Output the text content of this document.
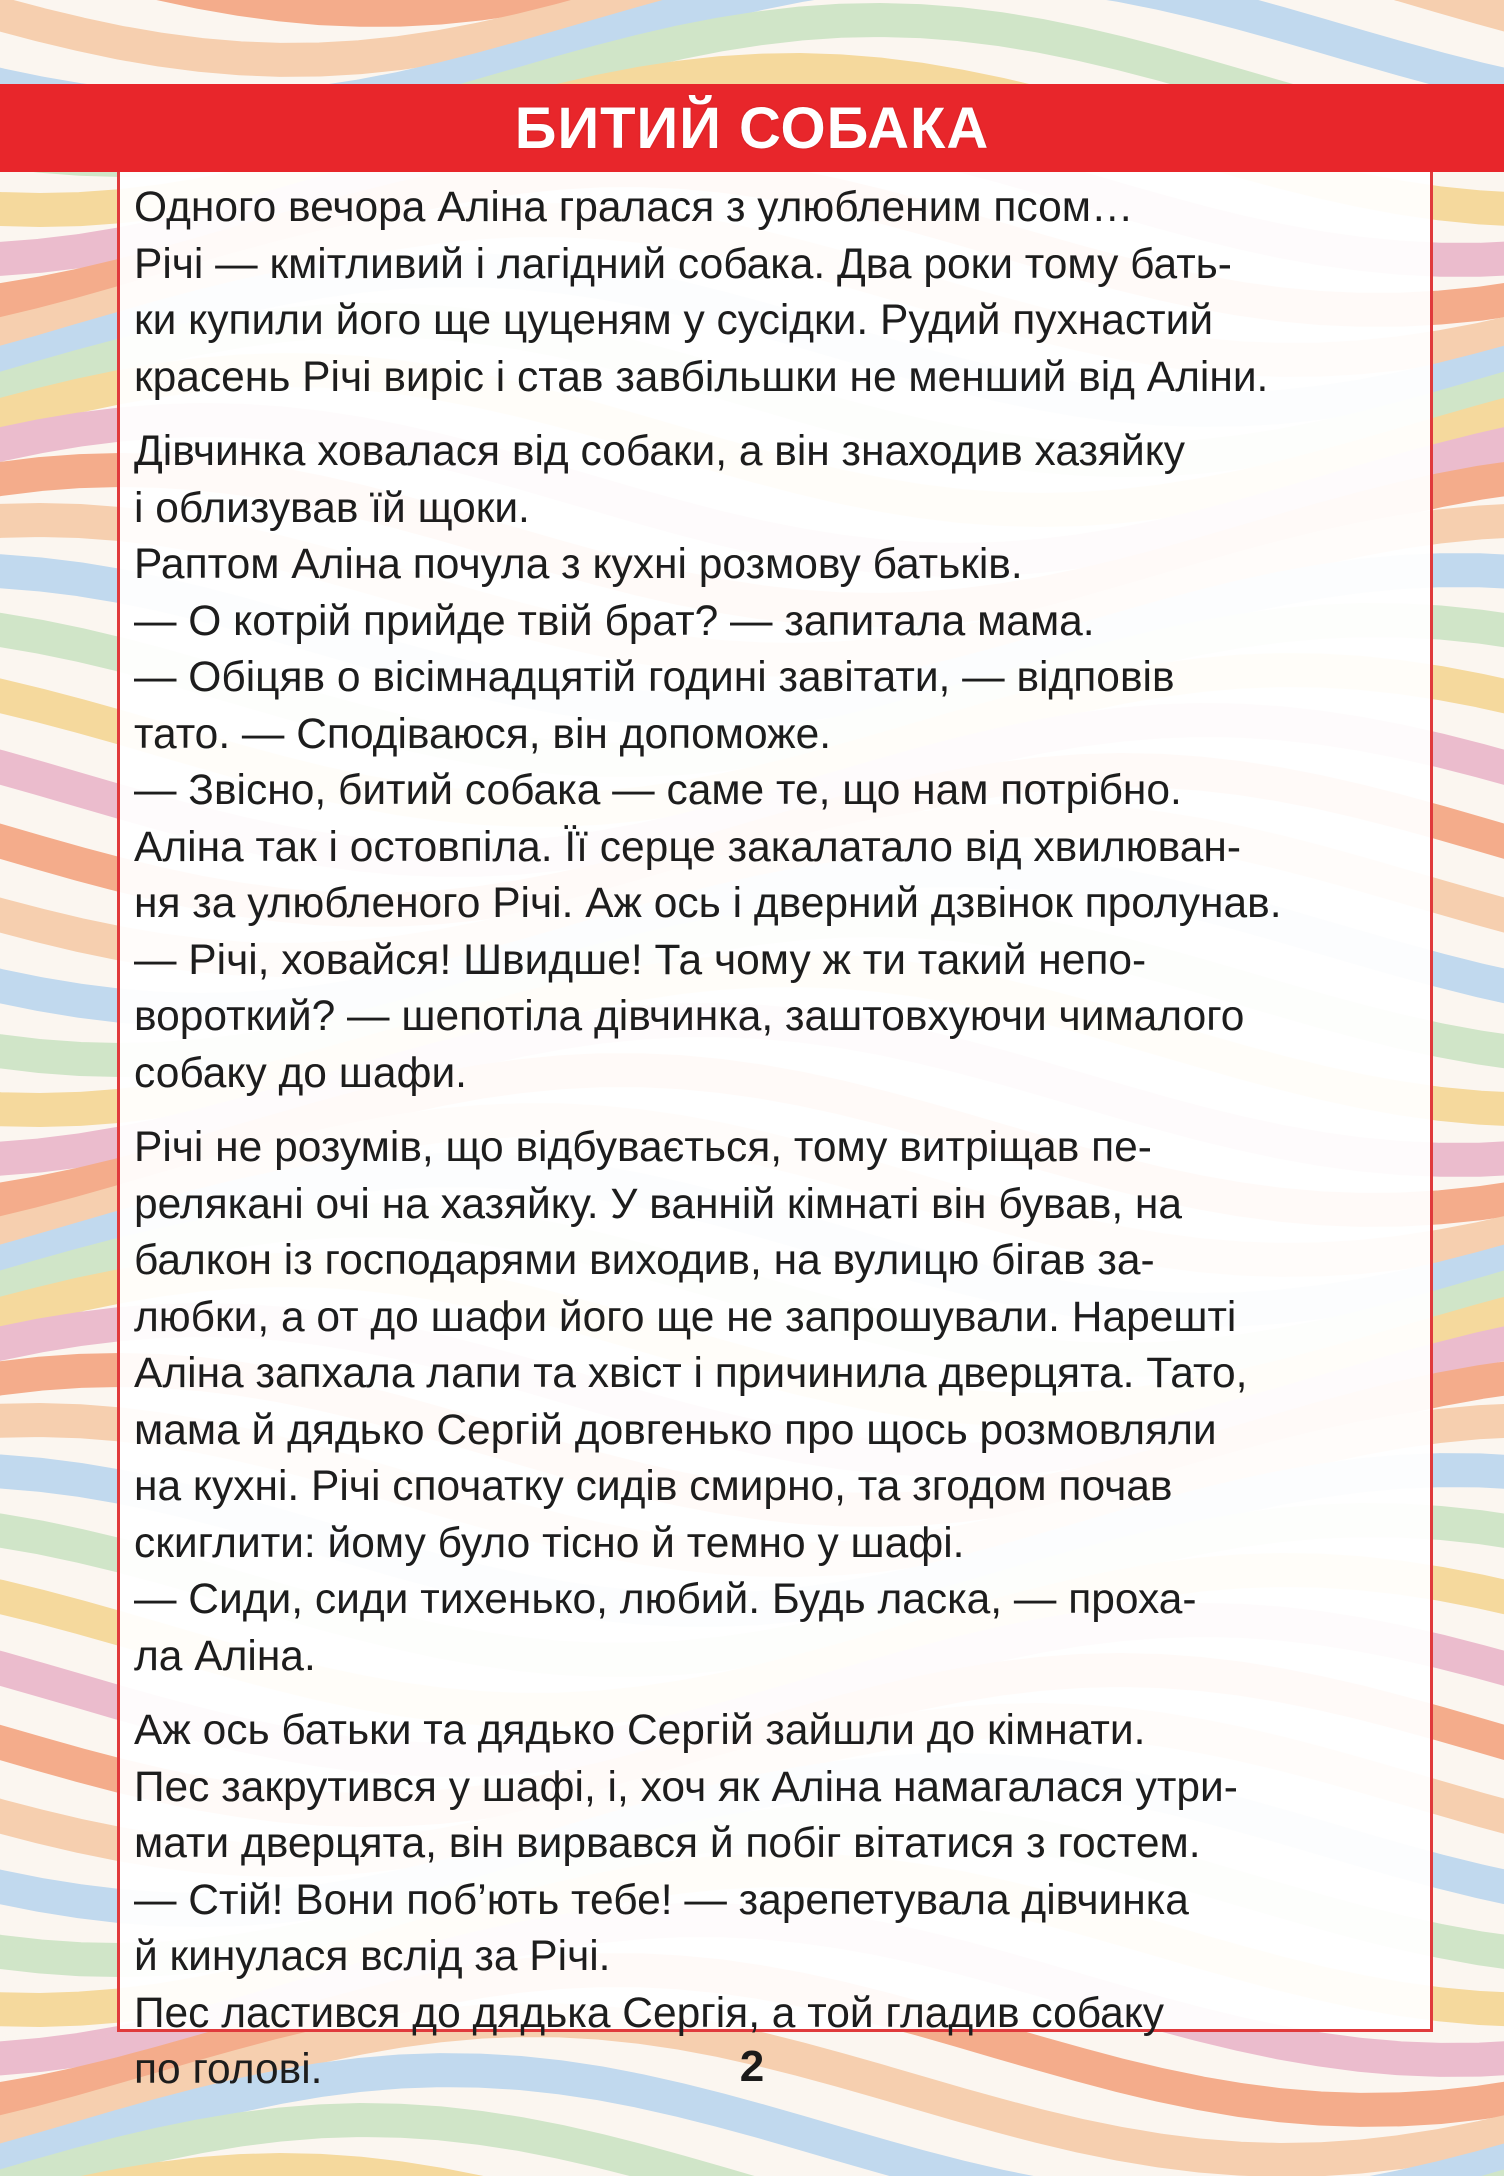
БИТИЙ СОБАКА

Одного вечора Аліна гралася з улюбленим псом…

Річі — кмітливий і лагідний собака. Два роки тому бать-
ки купили його ще цуценям у сусідки. Рудий пухнастий
красень Річі виріс і став завбільшки не менший від Аліни.

Дівчинка ховалася від собаки, а він знаходив хазяйку
і облизував їй щоки.

Раптом Аліна почула з кухні розмову батьків.

— О котрій прийде твій брат? — запитала мама.

— Обіцяв о вісімнадцятій годині завітати, — відповів
тато. — Сподіваюся, він допоможе.

— Звісно, битий собака — саме те, що нам потрібно.

Аліна так і остовпіла. Її серце закалатало від хвилюван-
ня за улюбленого Річі. Аж ось і дверний дзвінок пролунав.

— Річі, ховайся! Швидше! Та чому ж ти такий непо-
вороткий? — шепотіла дівчинка, заштовхуючи чималого
собаку до шафи.

Річі не розумів, що відбувається, тому витріщав пе-
релякані очі на хазяйку. У ванній кімнаті він бував, на
балкон із господарями виходив, на вулицю бігав за-
любки, а от до шафи його ще не запрошували. Нарешті
Аліна запхала лапи та хвіст і причинила дверцята. Тато,
мама й дядько Сергій довгенько про щось розмовляли
на кухні. Річі спочатку сидів смирно, та згодом почав
скиглити: йому було тісно й темно у шафі.

— Сиди, сиди тихенько, любий. Будь ласка, — проха-
ла Аліна.

Аж ось батьки та дядько Сергій зайшли до кімнати.
Пес закрутився у шафі, і, хоч як Аліна намагалася утри-
мати дверцята, він вирвався й побіг вітатися з гостем.

— Стій! Вони поб’ють тебе! — зарепетувала дівчинка
й кинулася вслід за Річі.

Пес ластився до дядька Сергія, а той гладив собаку
по голові.	2
